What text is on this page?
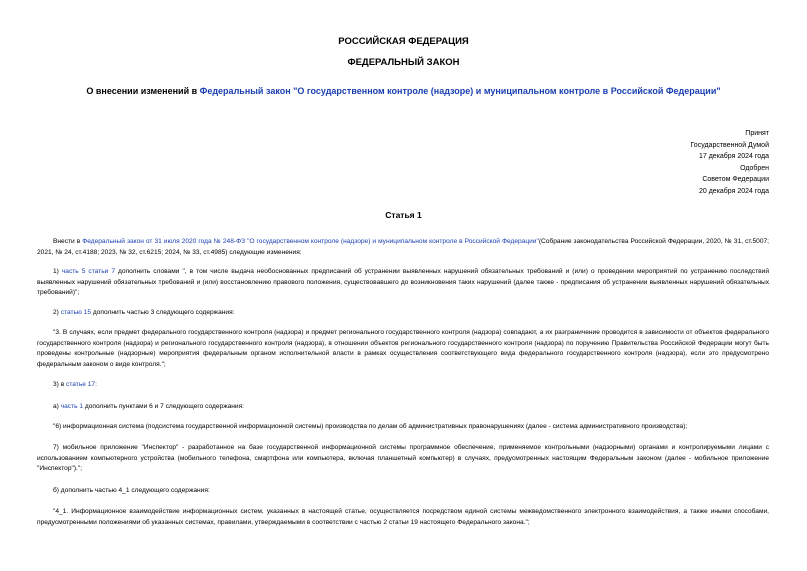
РОССИЙСКАЯ ФЕДЕРАЦИЯ
ФЕДЕРАЛЬНЫЙ ЗАКОН
О внесении изменений в Федеральный закон "О государственном контроле (надзоре) и муниципальном контроле в Российской Федерации"
Принят
Государственной Думой
17 декабря 2024 года
Одобрен
Советом Федерации
20 декабря 2024 года
Статья 1

Внести в Федеральный закон от 31 июля 2020 года № 248-ФЗ "О государственном контроле (надзоре) и муниципальном контроле в Российской Федерации"(Собрание законодательства Российской Федерации, 2020, № 31, ст.5007; 2021, № 24, ст.4188; 2023, № 32, ст.6215; 2024, № 33, ст.4985) следующие изменения:

1) часть 5 статьи 7 дополнить словами ", в том числе выдача необоснованных предписаний об устранении выявленных нарушений обязательных требований и (или) о проведении мероприятий по устранению последствий выявленных нарушений обязательных требований и (или) восстановлению правового положения, существовавшего до возникновения таких нарушений (далее также - предписания об устранении выявленных нарушений обязательных требований)";

2) статью 15 дополнить частью 3 следующего содержания:

"3. В случаях, если предмет федерального государственного контроля (надзора) и предмет регионального государственного контроля (надзора) совпадают, а их разграничение проводится в зависимости от объектов федерального государственного контроля (надзора) и регионального государственного контроля (надзора), в отношении объектов регионального государственного контроля (надзора) по поручению Правительства Российской Федерации могут быть проведены контрольные (надзорные) мероприятия федеральным органом исполнительной власти в рамках осуществления соответствующего вида федерального государственного контроля (надзора), если это предусмотрено федеральным законом о виде контроля.";

3) в статье 17:

а) часть 1 дополнить пунктами 6 и 7 следующего содержания:

"6) информационная система (подсистема государственной информационной системы) производства по делам об административных правонарушениях (далее - система административного производства);

7) мобильное приложение "Инспектор" - разработанное на базе государственной информационной системы программное обеспечение, применяемое контрольными (надзорными) органами и контролируемыми лицами с использованием компьютерного устройства (мобильного телефона, смартфона или компьютера, включая планшетный компьютер) в случаях, предусмотренных настоящим Федеральным законом (далее - мобильное приложение "Инспектор").";

б) дополнить частью 4_1 следующего содержания:

"4_1. Информационное взаимодействие информационных систем, указанных в настоящей статье, осуществляется посредством единой системы межведомственного электронного взаимодействия, а также иными способами, предусмотренными положениями об указанных системах, правилами, утверждаемыми в соответствии с частью 2 статьи 19 настоящего Федерального закона.";
